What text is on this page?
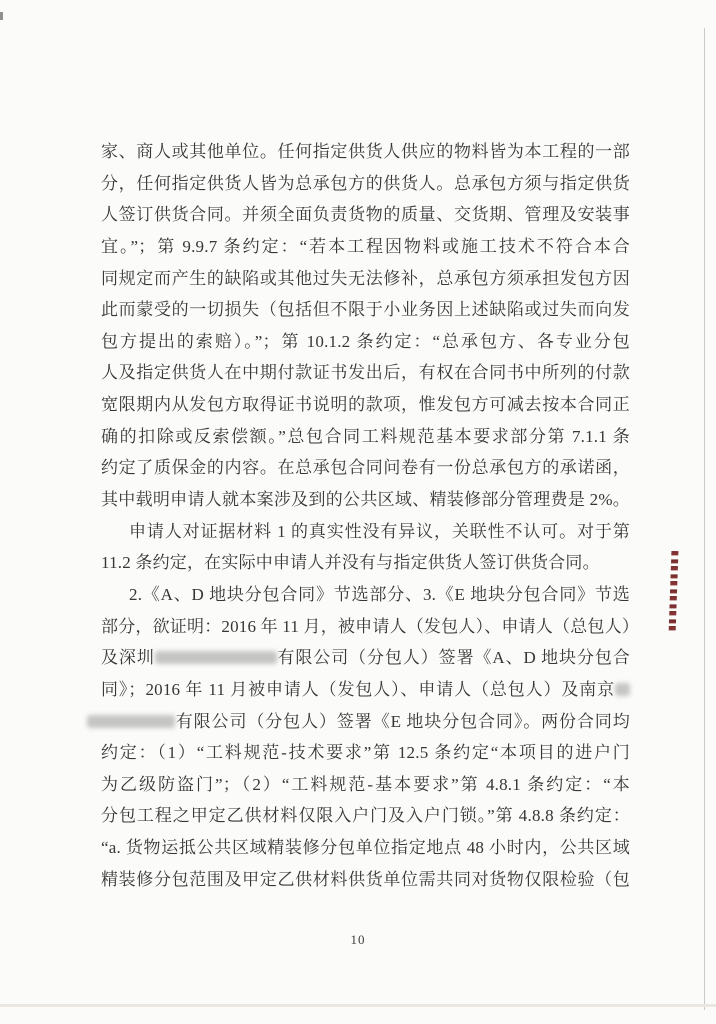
家、商人或其他单位。任何指定供货人供应的物料皆为本工程的一部
分，任何指定供货人皆为总承包方的供货人。总承包方须与指定供货
人签订供货合同。并须全面负责货物的质量、交货期、管理及安装事
宜。”；第 9.9.7 条约定：“若本工程因物料或施工技术不符合本合
同规定而产生的缺陷或其他过失无法修补，总承包方须承担发包方因
此而蒙受的一切损失（包括但不限于小业务因上述缺陷或过失而向发
包方提出的索赔）。”；第 10.1.2 条约定：“总承包方、各专业分包
人及指定供货人在中期付款证书发出后，有权在合同书中所列的付款
宽限期内从发包方取得证书说明的款项，惟发包方可减去按本合同正
确的扣除或反索偿额。”总包合同工料规范基本要求部分第 7.1.1 条
约定了质保金的内容。在总承包合同问卷有一份总承包方的承诺函，
其中载明申请人就本案涉及到的公共区域、精装修部分管理费是 2%。
申请人对证据材料 1 的真实性没有异议，关联性不认可。对于第
11.2 条约定，在实际中申请人并没有与指定供货人签订供货合同。
2.《A、D 地块分包合同》节选部分、3.《E 地块分包合同》节选
部分，欲证明：2016 年 11 月，被申请人（发包人）、申请人（总包人）
及深圳	有限公司（分包人）签署《A、D 地块分包合
同》；2016 年 11 月被申请人（发包人）、申请人（总包人）及南京
有限公司（分包人）签署《E 地块分包合同》。两份合同均
约定：（1）“工料规范-技术要求”第 12.5 条约定“本项目的进户门
为乙级防盗门”；（2）“工料规范-基本要求”第 4.8.1 条约定：“本
分包工程之甲定乙供材料仅限入户门及入户门锁。”第 4.8.8 条约定：
“a. 货物运抵公共区域精装修分包单位指定地点 48 小时内，公共区域
精装修分包范围及甲定乙供材料供货单位需共同对货物仅限检验（包
10
